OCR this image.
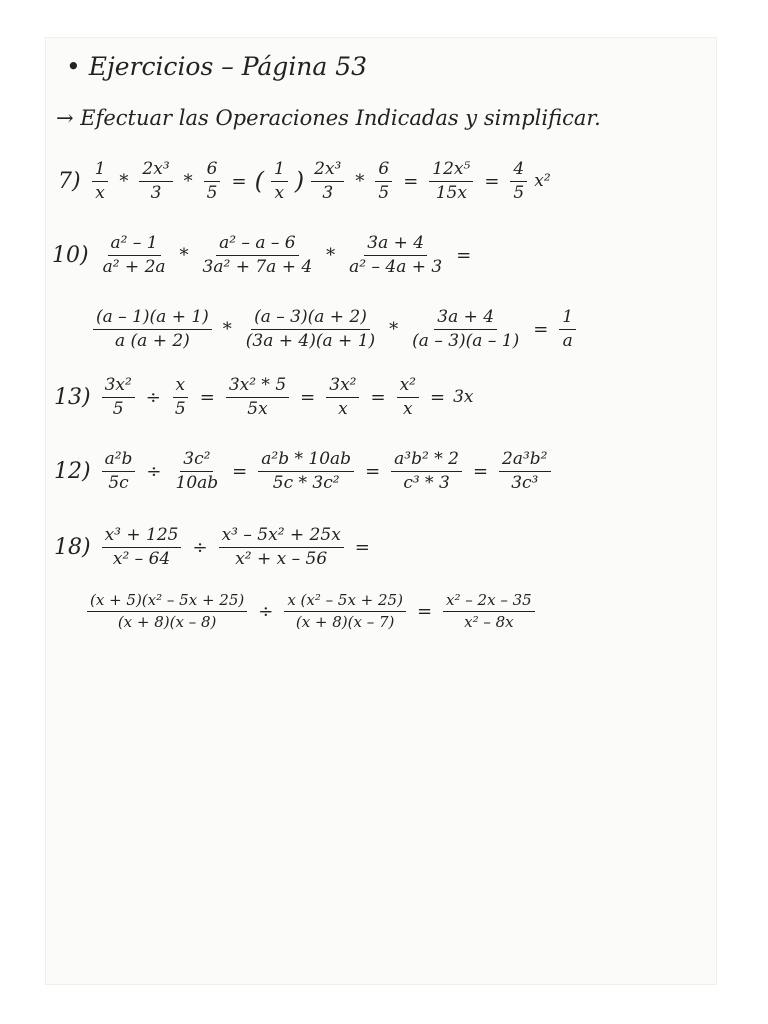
• Ejercicios – Página 53
→ Efectuar las Operaciones Indicadas y simplificar.
$7) \frac{1}{x} * \frac{\text{2x³}}{3} * \frac{6}{5}$ = ( $\frac{1}{x}$ ) $\frac{\text{2x³}}{3} * \frac{6}{5} = \frac{\text{12x⁵}}{15x} = \frac{4}{5} x^2$
$10) \frac{\text{a² – 1}}{\text{a² + 2a}} * \frac{\text{a² – a – 6}}{\text{3a² + 7a + 4}} * \frac{3a + 4}{\text{a² – 4a + 3}}$ =
$\frac{(a - 1)(a + 1)}{a (a + 2)} * \frac{(a - 3)(a + 2)}{(3a + 4)(a + 1)} * \frac{3a + 4}{(a - 3)(a - 1)} = \frac{1}{a}$
$13) \frac{\text{3x²}}{5} \div \frac{x}{5} = \frac{\text{3x² * 5}}{5x} = \frac{\text{3x²}}{x} = \frac{\text{x²}}{x} = 3x$
$12) \frac{\text{a²b}}{5c} \div \frac{\text{3c²}}{10ab} = \frac{\text{a²b * 10ab}}{\text{5c * 3c²}} = \frac{\text{a³b² * 2}}{\text{c³ * 3}} = \frac{\text{2a³b²}}{\text{3c³}}$
$18) \frac{\text{x³ + 125}}{\text{x² – 64}} \div \frac{\text{x³ – 5x² + 25x}}{\text{x² + x – 56}}$ =
$\frac{\text{(x + 5)(x² – 5x + 25)}}{(x + 8)(x - 8)} \div \frac{\text{x (x² – 5x + 25)}}{(x + 8)(x - 7)} = \frac{\text{x² – 2x – 35}}{\text{x² – 8x}}$
